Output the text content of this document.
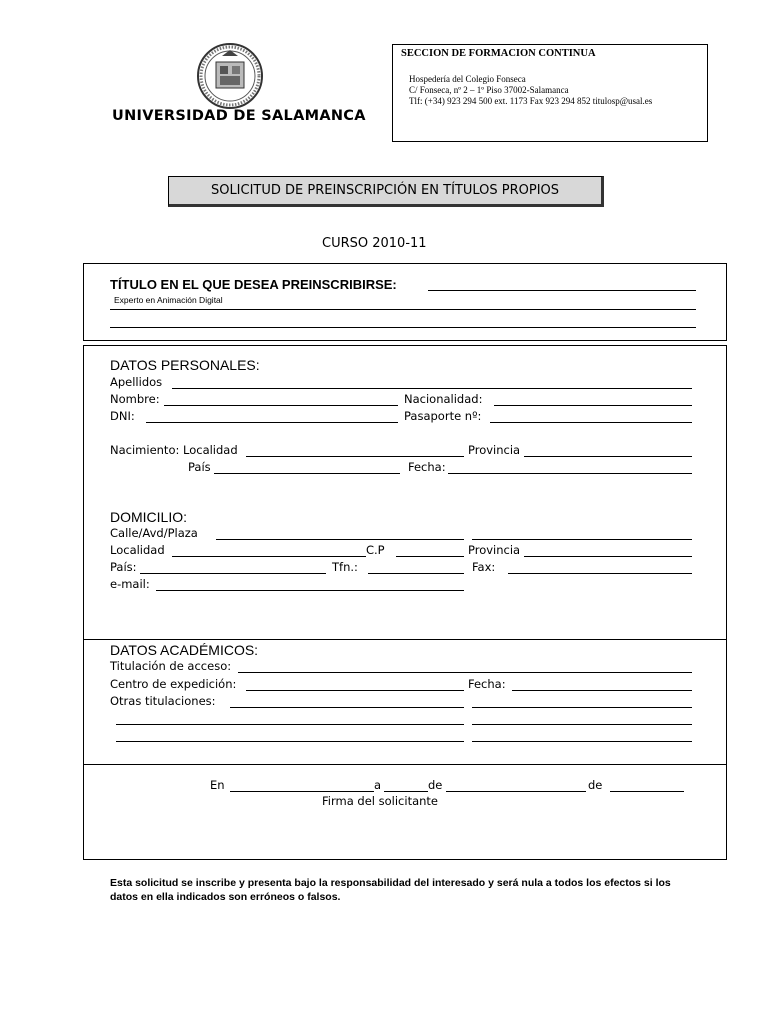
UNIVERSIDAD DE SALAMANCA
SECCION DE FORMACION CONTINUA
Hospedería del Colegio Fonseca
C/ Fonseca, nº 2 – 1º Piso 37002-Salamanca
Tlf: (+34) 923 294 500 ext. 1173 Fax 923 294 852 titulosp@usal.es
SOLICITUD DE PREINSCRIPCIÓN EN TÍTULOS PROPIOS
CURSO 2010-11
TÍTULO EN EL QUE DESEA PREINSCRIBIRSE:
Experto en Animación Digital
DATOS PERSONALES:
Apellidos
Nombre:	Nacionalidad:
DNI:	Pasaporte nº:
Nacimiento: Localidad	Provincia
País	Fecha:
DOMICILIO:
Calle/Avd/Plaza
Localidad	C.P	Provincia
País:	Tfn.:	Fax:
e-mail:
DATOS ACADÉMICOS:
Titulación de acceso:
Centro de expedición:	Fecha:
Otras titulaciones:
En	a	de	de
Firma del solicitante
Esta solicitud se inscribe y presenta bajo la responsabilidad del interesado y será nula a todos los efectos si los datos en ella indicados son erróneos o falsos.
